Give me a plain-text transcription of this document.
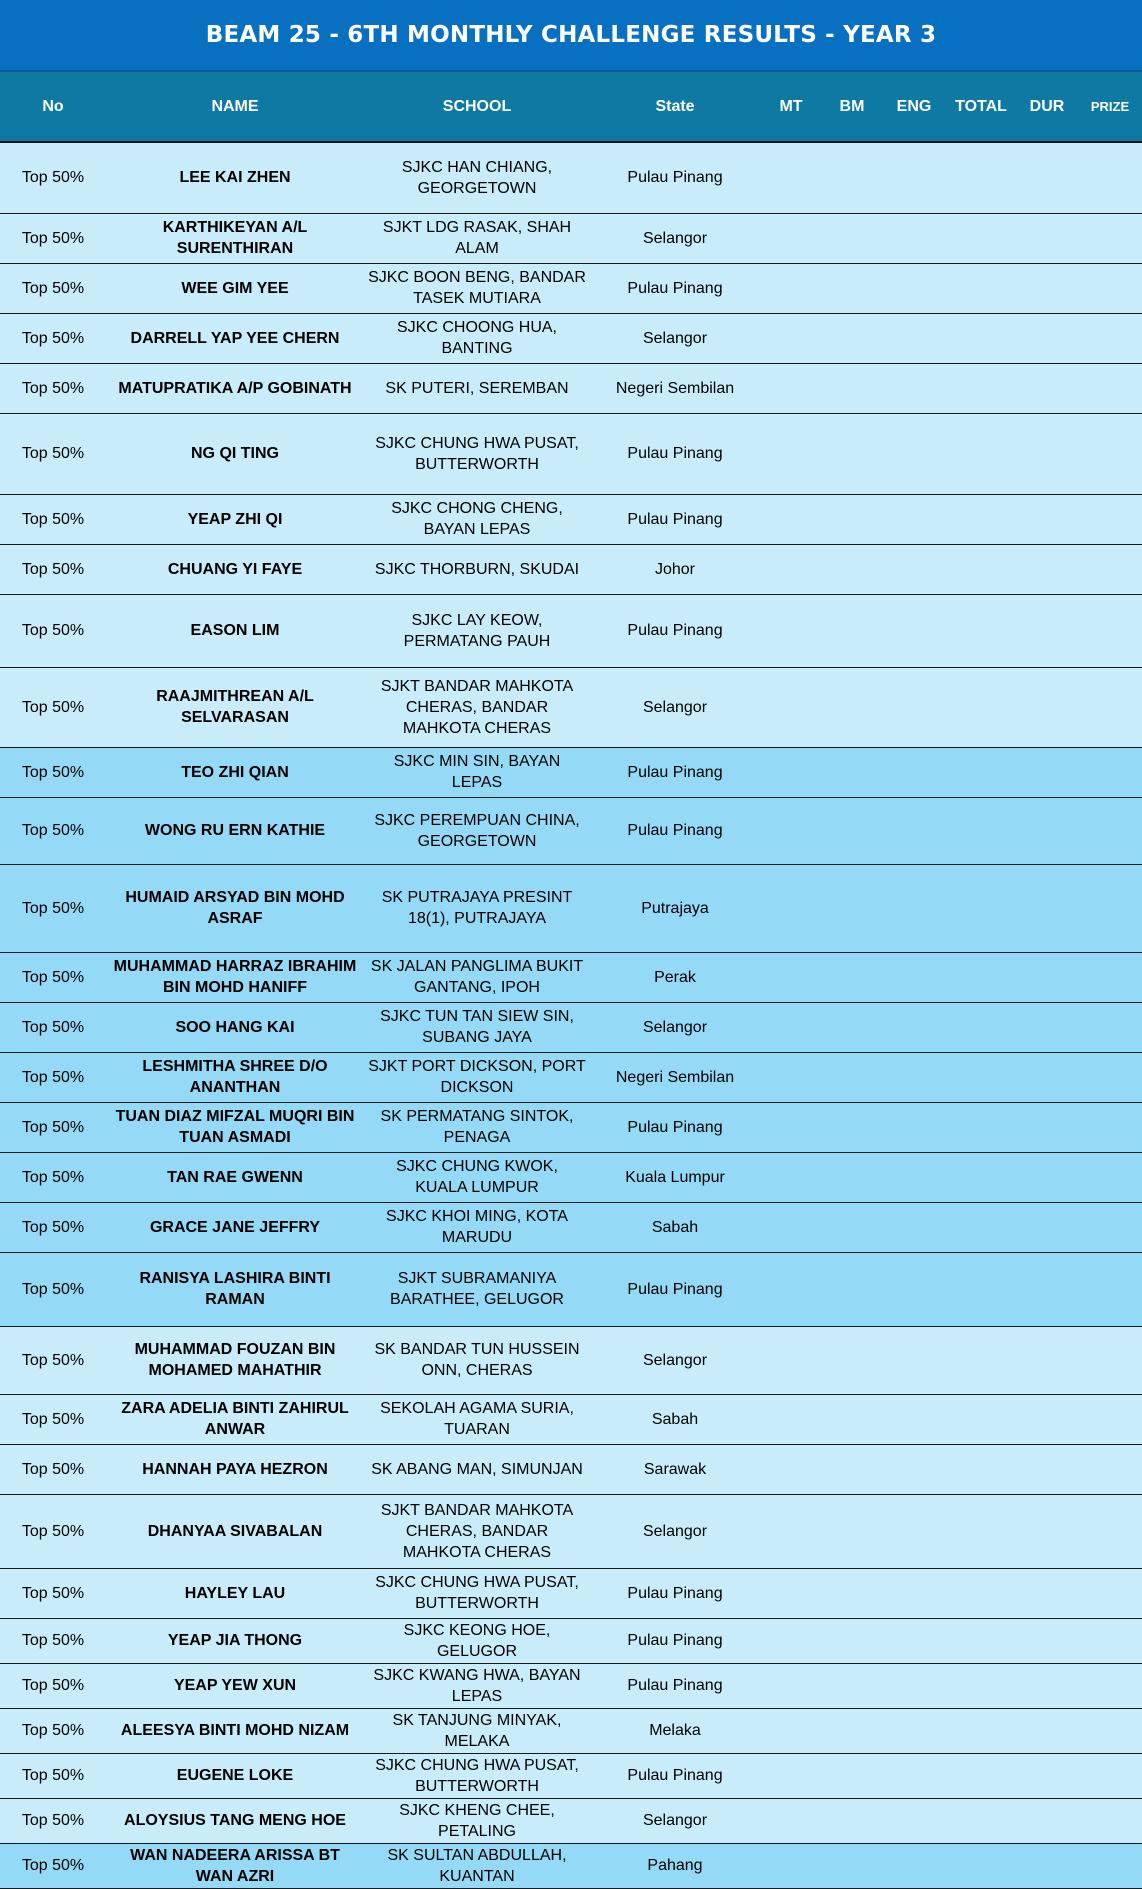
BEAM 25 - 6TH MONTHLY CHALLENGE RESULTS - YEAR 3
No	NAME	SCHOOL	State	MT	BM	ENG	TOTAL	DUR	PRIZE
Top 50%	LEE KAI ZHEN	SJKC HAN CHIANG, GEORGETOWN	Pulau Pinang						
Top 50%	KARTHIKEYAN A/L SURENTHIRAN	SJKT LDG RASAK, SHAH ALAM	Selangor						
Top 50%	WEE GIM YEE	SJKC BOON BENG, BANDAR TASEK MUTIARA	Pulau Pinang						
Top 50%	DARRELL YAP YEE CHERN	SJKC CHOONG HUA, BANTING	Selangor						
Top 50%	MATUPRATIKA A/P GOBINATH	SK PUTERI, SEREMBAN	Negeri Sembilan						
Top 50%	NG QI TING	SJKC CHUNG HWA PUSAT, BUTTERWORTH	Pulau Pinang						
Top 50%	YEAP ZHI QI	SJKC CHONG CHENG, BAYAN LEPAS	Pulau Pinang						
Top 50%	CHUANG YI FAYE	SJKC THORBURN, SKUDAI	Johor						
Top 50%	EASON LIM	SJKC LAY KEOW, PERMATANG PAUH	Pulau Pinang						
Top 50%	RAAJMITHREAN A/L SELVARASAN	SJKT BANDAR MAHKOTA CHERAS, BANDAR MAHKOTA CHERAS	Selangor						
Top 50%	TEO ZHI QIAN	SJKC MIN SIN, BAYAN LEPAS	Pulau Pinang						
Top 50%	WONG RU ERN KATHIE	SJKC PEREMPUAN CHINA, GEORGETOWN	Pulau Pinang						
Top 50%	HUMAID ARSYAD BIN MOHD ASRAF	SK PUTRAJAYA PRESINT 18(1), PUTRAJAYA	Putrajaya						
Top 50%	MUHAMMAD HARRAZ IBRAHIM BIN MOHD HANIFF	SK JALAN PANGLIMA BUKIT GANTANG, IPOH	Perak						
Top 50%	SOO HANG KAI	SJKC TUN TAN SIEW SIN, SUBANG JAYA	Selangor						
Top 50%	LESHMITHA SHREE D/O ANANTHAN	SJKT PORT DICKSON, PORT DICKSON	Negeri Sembilan						
Top 50%	TUAN DIAZ MIFZAL MUQRI BIN TUAN ASMADI	SK PERMATANG SINTOK, PENAGA	Pulau Pinang						
Top 50%	TAN RAE GWENN	SJKC CHUNG KWOK, KUALA LUMPUR	Kuala Lumpur						
Top 50%	GRACE JANE JEFFRY	SJKC KHOI MING, KOTA MARUDU	Sabah						
Top 50%	RANISYA LASHIRA BINTI RAMAN	SJKT SUBRAMANIYA BARATHEE, GELUGOR	Pulau Pinang						
Top 50%	MUHAMMAD FOUZAN BIN MOHAMED MAHATHIR	SK BANDAR TUN HUSSEIN ONN, CHERAS	Selangor						
Top 50%	ZARA ADELIA BINTI ZAHIRUL ANWAR	SEKOLAH AGAMA SURIA, TUARAN	Sabah						
Top 50%	HANNAH PAYA HEZRON	SK ABANG MAN, SIMUNJAN	Sarawak						
Top 50%	DHANYAA SIVABALAN	SJKT BANDAR MAHKOTA CHERAS, BANDAR MAHKOTA CHERAS	Selangor						
Top 50%	HAYLEY LAU	SJKC CHUNG HWA PUSAT, BUTTERWORTH	Pulau Pinang						
Top 50%	YEAP JIA THONG	SJKC KEONG HOE, GELUGOR	Pulau Pinang						
Top 50%	YEAP YEW XUN	SJKC KWANG HWA, BAYAN LEPAS	Pulau Pinang						
Top 50%	ALEESYA BINTI MOHD NIZAM	SK TANJUNG MINYAK, MELAKA	Melaka						
Top 50%	EUGENE LOKE	SJKC CHUNG HWA PUSAT, BUTTERWORTH	Pulau Pinang						
Top 50%	ALOYSIUS TANG MENG HOE	SJKC KHENG CHEE, PETALING	Selangor						
Top 50%	WAN NADEERA ARISSA BT WAN AZRI	SK SULTAN ABDULLAH, KUANTAN	Pahang						
